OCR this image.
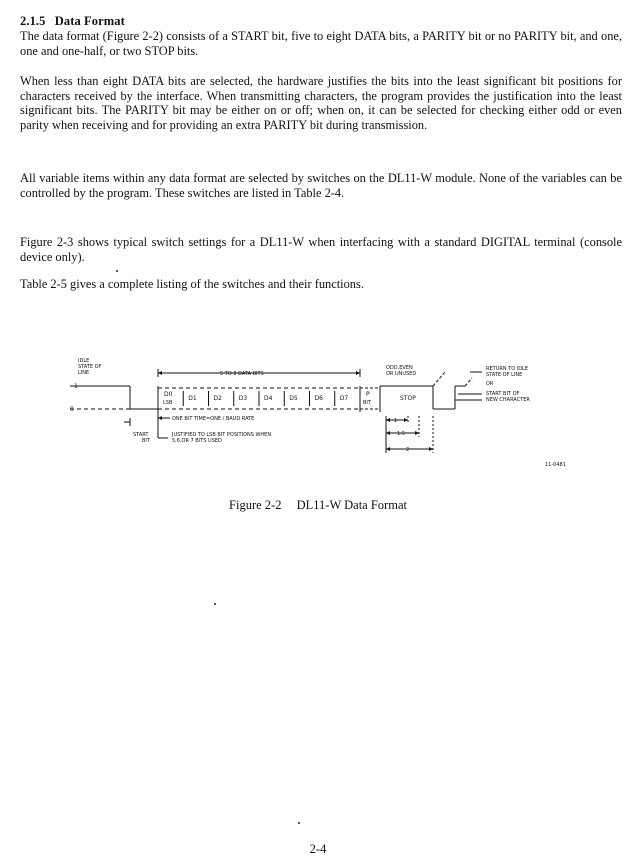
2.1.5 Data Format

The data format (Figure 2-2) consists of a START bit, five to eight DATA bits, a PARITY bit or no PARITY bit, and one, one and one-half, or two STOP bits.

When less than eight DATA bits are selected, the hardware justifies the bits into the least significant bit positions for characters received by the interface. When transmitting characters, the program provides the justification into the least significant bits. The PARITY bit may be either on or off; when on, it can be selected for checking either odd or even parity when receiving and for providing an extra PARITY bit during transmission.

All variable items within any data format are selected by switches on the DL11-W module. None of the variables can be controlled by the program. These switches are listed in Table 2-4.

Figure 2-3 shows typical switch settings for a DL11-W when interfacing with a standard DIGITAL terminal (console device only).

Table 2-5 gives a complete listing of the switches and their functions.

IDLE
STATE OF
LINE
1
0
5 TO 8 DATA BITS
ODD,EVEN
OR UNUSED
RETURN TO IDLE
STATE OF LINE
OR
START BIT OF
NEW CHARACTER
D0
LSB
D1	D2	D3	D4	D5	D6	D7
P
BIT
STOP
ONE BIT TIME=ONE / BAUD RATE
START
BIT
JUSTIFIED TO LSB BIT POSITIONS WHEN
5,6,OR 7 BITS USED
1
1.5
2
11-0481
Figure 2-2 DL11-W Data Format
2-4
